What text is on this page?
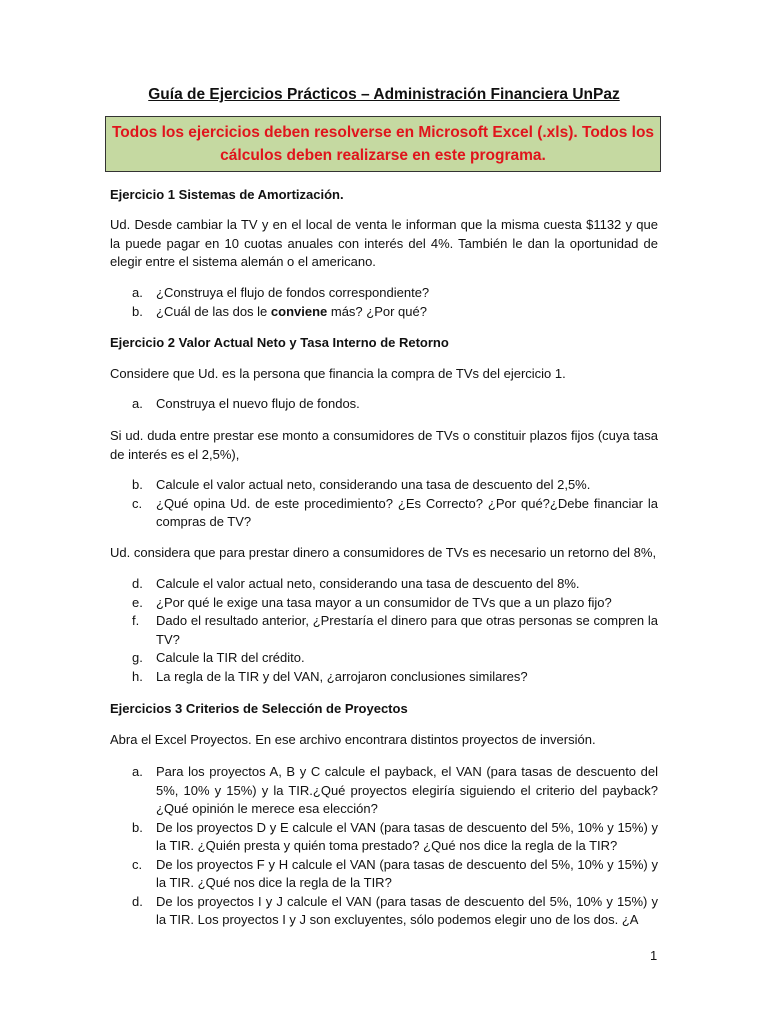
Guía de Ejercicios Prácticos – Administración Financiera UnPaz
Todos los ejercicios deben resolverse en Microsoft Excel (.xls). Todos los cálculos deben realizarse en este programa.

Ejercicio 1 Sistemas de Amortización.

Ud. Desde cambiar la TV y en el local de venta le informan que la misma cuesta $1132 y que la puede pagar en 10 cuotas anuales con interés del 4%. También le dan la oportunidad de elegir entre el sistema alemán o el americano.

a. ¿Construya el flujo de fondos correspondiente?
b. ¿Cuál de las dos le conviene más? ¿Por qué?

Ejercicio 2 Valor Actual Neto y Tasa Interno de Retorno

Considere que Ud. es la persona que financia la compra de TVs del ejercicio 1.

a. Construya el nuevo flujo de fondos.

Si ud. duda entre prestar ese monto a consumidores de TVs o constituir plazos fijos (cuya tasa de interés es el 2,5%),

b. Calcule el valor actual neto, considerando una tasa de descuento del 2,5%.
c. ¿Qué opina Ud. de este procedimiento? ¿Es Correcto? ¿Por qué?¿Debe financiar la compras de TV?

Ud. considera que para prestar dinero a consumidores de TVs es necesario un retorno del 8%,

d. Calcule el valor actual neto, considerando una tasa de descuento del 8%.
e. ¿Por qué le exige una tasa mayor a un consumidor de TVs que a un plazo fijo?
f. Dado el resultado anterior, ¿Prestaría el dinero para que otras personas se compren la TV?
g. Calcule la TIR del crédito.
h. La regla de la TIR y del VAN, ¿arrojaron conclusiones similares?

Ejercicios 3 Criterios de Selección de Proyectos

Abra el Excel Proyectos. En ese archivo encontrara distintos proyectos de inversión.

a. Para los proyectos A, B y C calcule el payback, el VAN (para tasas de descuento del 5%, 10% y 15%) y la TIR.¿Qué proyectos elegiría siguiendo el criterio del payback? ¿Qué opinión le merece esa elección?
b. De los proyectos D y E calcule el VAN (para tasas de descuento del 5%, 10% y 15%) y la TIR. ¿Quién presta y quién toma prestado? ¿Qué nos dice la regla de la TIR?
c. De los proyectos F y H calcule el VAN (para tasas de descuento del 5%, 10% y 15%) y la TIR. ¿Qué nos dice la regla de la TIR?
d. De los proyectos I y J calcule el VAN (para tasas de descuento del 5%, 10% y 15%) y la TIR. Los proyectos I y J son excluyentes, sólo podemos elegir uno de los dos. ¿A
1
